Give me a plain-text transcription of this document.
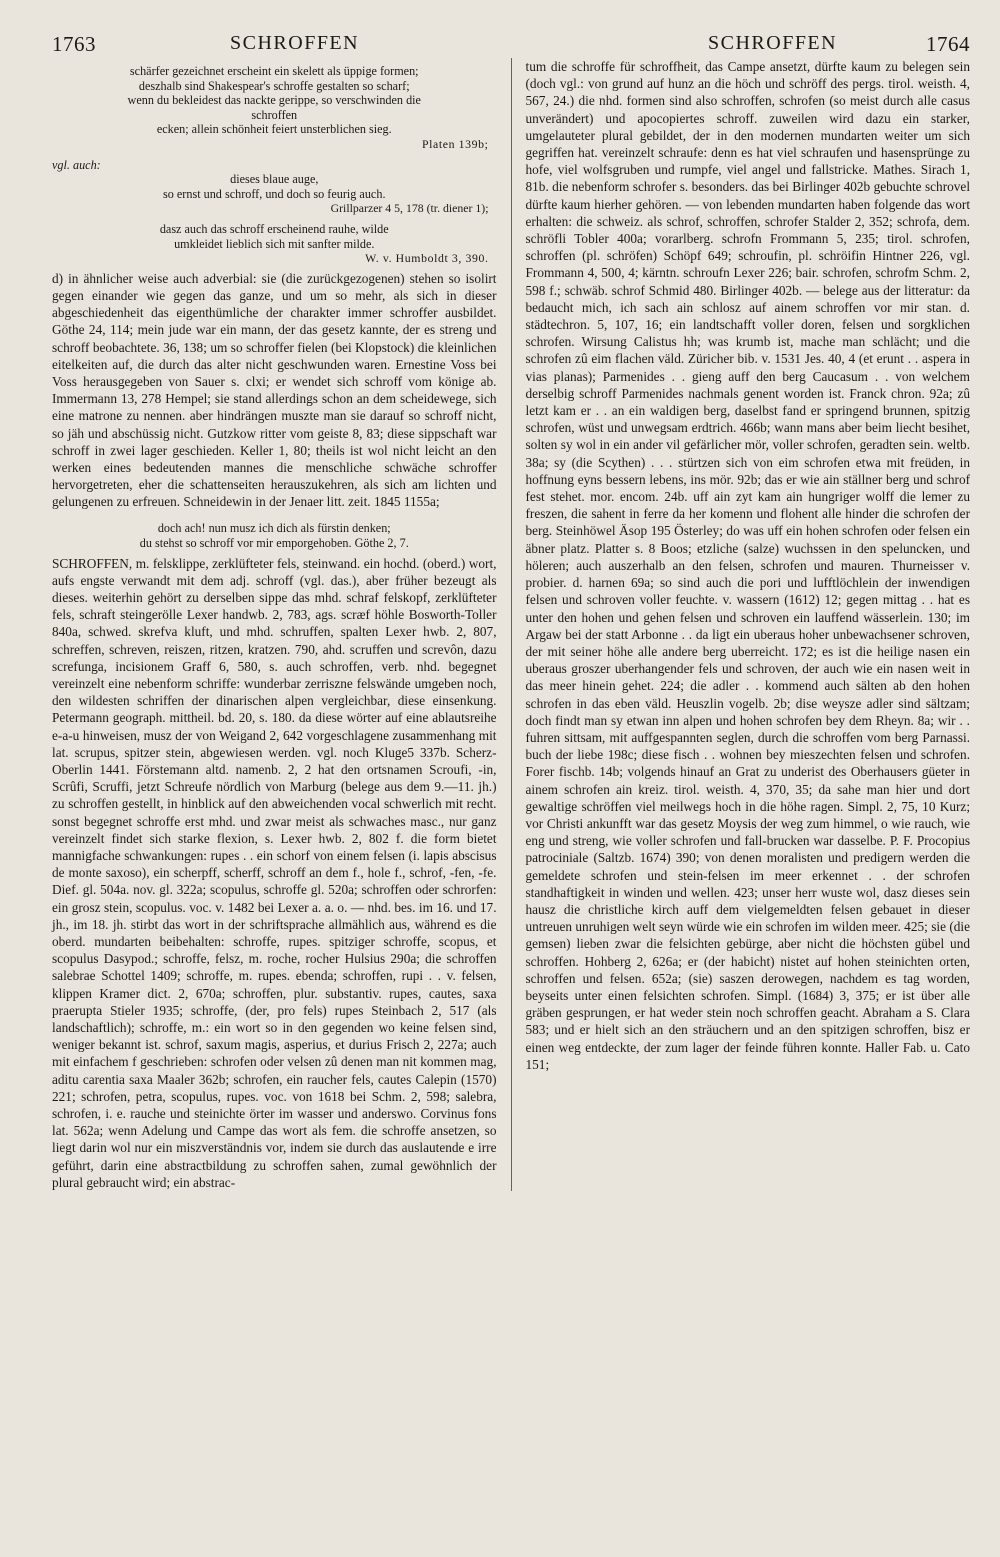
1763	SCHROFFEN	SCHROFFEN	1764
schärfer gezeichnet erscheint ein skelett als üppige formen;
deszhalb sind Shakespear's schroffe gestalten so scharf;
wenn du bekleidest das nackte gerippe, so verschwinden die
schroffen
ecken; allein schönheit feiert unsterblichen sieg.
Platen 139b;
vgl. auch:
dieses blaue auge,
so ernst und schroff, und doch so feurig auch.
Grillparzer 4 5, 178 (tr. diener 1);
dasz auch das schroff erscheinend rauhe, wilde
umkleidet lieblich sich mit sanfter milde.
W. v. Humboldt 3, 390.

d) in ähnlicher weise auch adverbial: sie (die zurückgezogenen) stehen so isolirt gegen einander wie gegen das ganze, und um so mehr, als sich in dieser abgeschiedenheit das eigenthümliche der charakter immer schroffer ausbildet. Göthe 24, 114; mein jude war ein mann, der das gesetz kannte, der es streng und schroff beobachtete. 36, 138; um so schroffer fielen (bei Klopstock) die kleinlichen eitelkeiten auf, die durch das alter nicht geschwunden waren. Ernestine Voss bei Voss herausgegeben von Sauer s. clxi; er wendet sich schroff vom könige ab. Immermann 13, 278 Hempel; sie stand allerdings schon an dem scheidewege, sich eine matrone zu nennen. aber hindrängen muszte man sie darauf so schroff nicht, so jäh und abschüssig nicht. Gutzkow ritter vom geiste 8, 83; diese sippschaft war schroff in zwei lager geschieden. Keller 1, 80; theils ist wol nicht leicht an den werken eines bedeutenden mannes die menschliche schwäche schroffer hervorgetreten, eher die schattenseiten herauszukehren, als sich am lichten und gelungenen zu erfreuen. Schneidewin in der Jenaer litt. zeit. 1845 1155a;

doch ach! nun musz ich dich als fürstin denken;
du stehst so schroff vor mir emporgehoben. Göthe 2, 7.

SCHROFFEN, m. felsklippe, zerklüfteter fels, steinwand. ein hochd. (oberd.) wort, aufs engste verwandt mit dem adj. schroff (vgl. das.), aber früher bezeugt als dieses. weiterhin gehört zu derselben sippe das mhd. schraf felskopf, zerklüfteter fels, schraft steingerölle Lexer handwb. 2, 783, ags. scræf höhle Bosworth-Toller 840a, schwed. skrefva kluft, und mhd. schruffen, spalten Lexer hwb. 2, 807, schreffen, schreven, reiszen, ritzen, kratzen. 790, ahd. scruffen und screvôn, dazu screfunga, incisionem Graff 6, 580, s. auch schroffen, verb. nhd. begegnet vereinzelt eine nebenform schriffe: wunderbar zerriszne felswände umgeben noch, den wildesten schriffen der dinarischen alpen vergleichbar, diese einsenkung. Petermann geograph. mittheil. bd. 20, s. 180. da diese wörter auf eine ablautsreihe e-a-u hinweisen, musz der von Weigand 2, 642 vorgeschlagene zusammenhang mit lat. scrupus, spitzer stein, abgewiesen werden. vgl. noch Kluge5 337b. Scherz-Oberlin 1441. Förstemann altd. namenb. 2, 2 hat den ortsnamen Scroufi, -in, Scrûfi, Scruffi, jetzt Schreufe nördlich von Marburg (belege aus dem 9.—11. jh.) zu schroffen gestellt, in hinblick auf den abweichenden vocal schwerlich mit recht. sonst begegnet schroffe erst mhd. und zwar meist als schwaches masc., nur ganz vereinzelt findet sich starke flexion, s. Lexer hwb. 2, 802 f. die form bietet mannigfache schwankungen: rupes . . ein schorf von einem felsen (i. lapis abscisus de monte saxoso), ein scherpff, scherff, schroff an dem f., hole f., schrof, -fen, -fe. Dief. gl. 504a. nov. gl. 322a; scopulus, schroffe gl. 520a; schroffen oder schrorfen: ein grosz stein, scopulus. voc. v. 1482 bei Lexer a. a. o. — nhd. bes. im 16. und 17. jh., im 18. jh. stirbt das wort in der schriftsprache allmählich aus, während es die oberd. mundarten beibehalten: schroffe, rupes. spitziger schroffe, scopus, et scopulus Dasypod.; schroffe, felsz, m. roche, rocher Hulsius 290a; die schroffen salebrae Schottel 1409; schroffe, m. rupes. ebenda; schroffen, rupi . . v. felsen, klippen Kramer dict. 2, 670a; schroffen, plur. substantiv. rupes, cautes, saxa praerupta Stieler 1935; schroffe, (der, pro fels) rupes Steinbach 2, 517 (als landschaftlich); schroffe, m.: ein wort so in den gegenden wo keine felsen sind, weniger bekannt ist. schrof, saxum magis, asperius, et durius Frisch 2, 227a; auch mit einfachem f geschrieben: schrofen oder velsen zû denen man nit kommen mag, aditu carentia saxa Maaler 362b; schrofen, ein raucher fels, cautes Calepin (1570) 221; schrofen, petra, scopulus, rupes. voc. von 1618 bei Schm. 2, 598; salebra, schrofen, i. e. rauche und steinichte örter im wasser und anderswo. Corvinus fons lat. 562a; wenn Adelung und Campe das wort als fem. die schroffe ansetzen, so liegt darin wol nur ein miszverständnis vor, indem sie durch das auslautende e irre geführt, darin eine abstractbildung zu schroffen sahen, zumal gewöhnlich der plural gebraucht wird; ein abstrac-

tum die schroffe für schroffheit, das Campe ansetzt, dürfte kaum zu belegen sein (doch vgl.: von grund auf hunz an die höch und schröff des pergs. tirol. weisth. 4, 567, 24.) die nhd. formen sind also schroffen, schrofen (so meist durch alle casus unverändert) und apocopiertes schroff. zuweilen wird dazu ein starker, umgelauteter plural gebildet, der in den modernen mundarten weiter um sich gegriffen hat. vereinzelt schraufe: denn es hat viel schraufen und hasensprünge zu hofe, viel wolfsgruben und rumpfe, viel angel und fallstricke. Mathes. Sirach 1, 81b. die nebenform schrofer s. besonders. das bei Birlinger 402b gebuchte schrovel dürfte kaum hierher gehören. — von lebenden mundarten haben folgende das wort erhalten: die schweiz. als schrof, schroffen, schrofer Stalder 2, 352; schrofa, dem. schröfli Tobler 400a; vorarlberg. schrofn Frommann 5, 235; tirol. schrofen, schroffen (pl. schröfen) Schöpf 649; schroufin, pl. schröifin Hintner 226, vgl. Frommann 4, 500, 4; kärntn. schroufn Lexer 226; bair. schrofen, schrofm Schm. 2, 598 f.; schwäb. schrof Schmid 480. Birlinger 402b. — belege aus der litteratur: da bedaucht mich, ich sach ain schlosz auf ainem schroffen vor mir stan. d. städtechron. 5, 107, 16; ein landtschafft voller doren, felsen und sorgklichen schrofen. Wirsung Calistus hh; was krumb ist, mache man schlächt; und die schrofen zû eim flachen väld. Züricher bib. v. 1531 Jes. 40, 4 (et erunt . . aspera in vias planas); Parmenides . . gieng auff den berg Caucasum . . von welchem derselbig schroff Parmenides nachmals genent worden ist. Franck chron. 92a; zû letzt kam er . . an ein waldigen berg, daselbst fand er springend brunnen, spitzig schrofen, wüst und unwegsam erdtrich. 466b; wann mans aber beim liecht besihet, solten sy wol in ein ander vil gefärlicher mör, voller schrofen, geradten sein. weltb. 38a; sy (die Scythen) . . . stürtzen sich von eim schrofen etwa mit freüden, in hoffnung eyns bessern lebens, ins mör. 92b; das er wie ain ställner berg und schrof fest stehet. mor. encom. 24b. uff ain zyt kam ain hungriger wolff die lemer zu freszen, die sahent in ferre da her komenn und flohent alle hinder die schrofen der berg. Steinhöwel Äsop 195 Österley; do was uff ein hohen schrofen oder felsen ein äbner platz. Platter s. 8 Boos; etzliche (salze) wuchssen in den speluncken, und höleren; auch auszerhalb an den felsen, schrofen und mauren. Thurneisser v. probier. d. harnen 69a; so sind auch die pori und lufftlöchlein der inwendigen felsen und schroven voller feuchte. v. wassern (1612) 12; gegen mittag . . hat es unter den hohen und gehen felsen und schroven ein lauffend wässerlein. 130; im Argaw bei der statt Arbonne . . da ligt ein uberaus hoher unbewachsener schroven, der mit seiner höhe alle andere berg uberreicht. 172; es ist die heilige nasen ein uberaus groszer uberhangender fels und schroven, der auch wie ein nasen weit in das meer hinein gehet. 224; die adler . . kommend auch sälten ab den hohen schrofen in das eben väld. Heuszlin vogelb. 2b; dise weysze adler sind sältzam; doch findt man sy etwan inn alpen und hohen schrofen bey dem Rheyn. 8a; wir . . fuhren sittsam, mit auffgespannten seglen, durch die schroffen vom berg Parnassi. buch der liebe 198c; diese fisch . . wohnen bey mieszechten felsen und schrofen. Forer fischb. 14b; volgends hinauf an Grat zu underist des Oberhausers güeter in ainem schrofen ain kreiz. tirol. weisth. 4, 370, 35; da sahe man hier und dort gewaltige schröffen viel meilwegs hoch in die höhe ragen. Simpl. 2, 75, 10 Kurz; vor Christi ankunfft war das gesetz Moysis der weg zum himmel, o wie rauch, wie eng und streng, wie voller schrofen und fall-brucken war dasselbe. P. F. Procopius patrociniale (Saltzb. 1674) 390; von denen moralisten und predigern werden die gemeldete schrofen und stein-felsen im meer erkennet . . der schrofen standhaftigkeit in winden und wellen. 423; unser herr wuste wol, dasz dieses sein hausz die christliche kirch auff dem vielgemeldten felsen gebauet in dieser untreuen unruhigen welt seyn würde wie ein schrofen im wilden meer. 425; sie (die gemsen) lieben zwar die felsichten gebürge, aber nicht die höchsten gübel und schroffen. Hohberg 2, 626a; er (der habicht) nistet auf hohen steinichten orten, schroffen und felsen. 652a; (sie) saszen derowegen, nachdem es tag worden, beyseits unter einen felsichten schrofen. Simpl. (1684) 3, 375; er ist über alle gräben gesprungen, er hat weder stein noch schroffen geacht. Abraham a S. Clara 583; und er hielt sich an den sträuchern und an den spitzigen schroffen, bisz er einen weg entdeckte, der zum lager der feinde führen konnte. Haller Fab. u. Cato 151;
